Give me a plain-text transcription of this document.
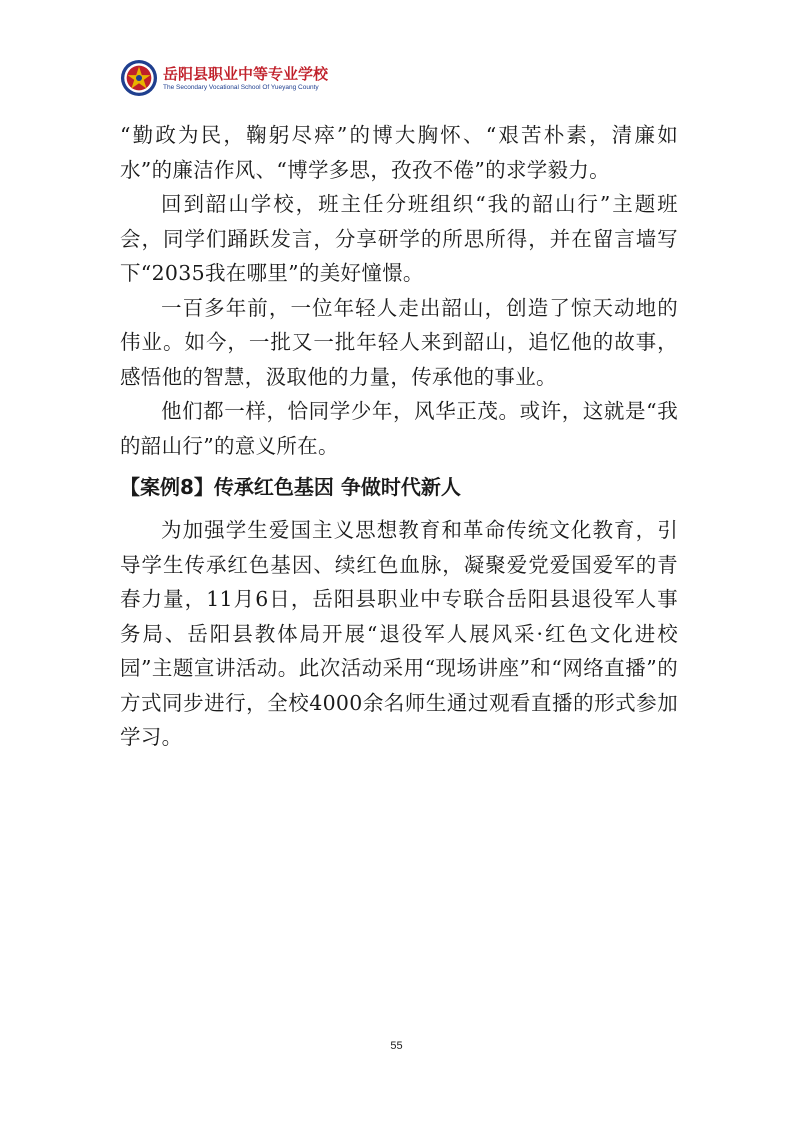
岳阳县职业中等专业学校
The Secondary Vocational School Of Yueyang County

“勤政为民，鞠躬尽瘁”的博大胸怀、“艰苦朴素，清廉如水”的廉洁作风、“博学多思，孜孜不倦”的求学毅力。

回到韶山学校，班主任分班组织“我的韶山行”主题班会，同学们踊跃发言，分享研学的所思所得，并在留言墙写下“2035我在哪里”的美好憧憬。

一百多年前，一位年轻人走出韶山，创造了惊天动地的伟业。如今，一批又一批年轻人来到韶山，追忆他的故事，感悟他的智慧，汲取他的力量，传承他的事业。

他们都一样，恰同学少年，风华正茂。或许，这就是“我的韶山行”的意义所在。

【案例8】传承红色基因 争做时代新人

为加强学生爱国主义思想教育和革命传统文化教育，引导学生传承红色基因、续红色血脉，凝聚爱党爱国爱军的青春力量，11月6日，岳阳县职业中专联合岳阳县退役军人事务局、岳阳县教体局开展“退役军人展风采·红色文化进校园”主题宣讲活动。此次活动采用“现场讲座”和“网络直播”的方式同步进行，全校4000余名师生通过观看直播的形式参加学习。

55
